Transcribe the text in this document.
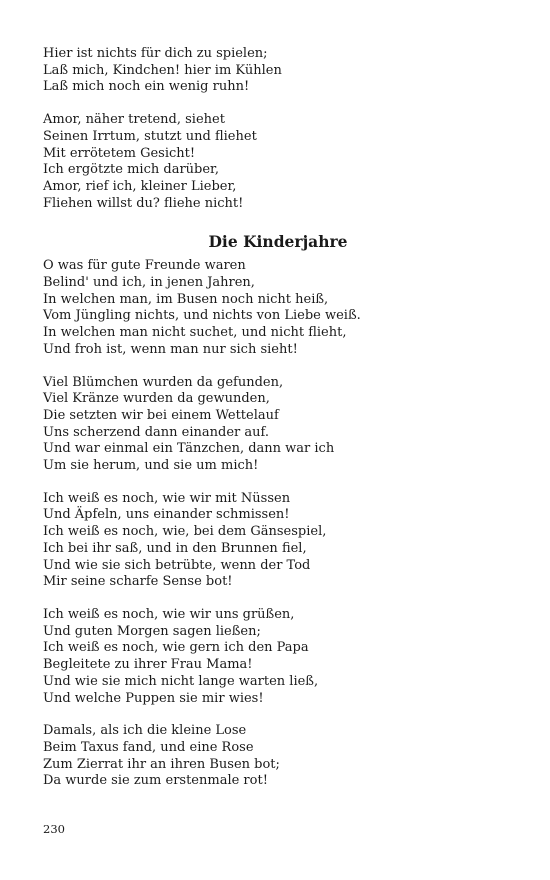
Hier ist nichts für dich zu spielen;
Laß mich, Kindchen! hier im Kühlen
Laß mich noch ein wenig ruhn!
Amor, näher tretend, siehet
Seinen Irrtum, stutzt und fliehet
Mit errötetem Gesicht!
Ich ergötzte mich darüber,
Amor, rief ich, kleiner Lieber,
Fliehen willst du? fliehe nicht!
Die Kinderjahre
O was für gute Freunde waren
Belind' und ich, in jenen Jahren,
In welchen man, im Busen noch nicht heiß,
Vom Jüngling nichts, und nichts von Liebe weiß.
In welchen man nicht suchet, und nicht flieht,
Und froh ist, wenn man nur sich sieht!
Viel Blümchen wurden da gefunden,
Viel Kränze wurden da gewunden,
Die setzten wir bei einem Wettelauf
Uns scherzend dann einander auf.
Und war einmal ein Tänzchen, dann war ich
Um sie herum, und sie um mich!
Ich weiß es noch, wie wir mit Nüssen
Und Äpfeln, uns einander schmissen!
Ich weiß es noch, wie, bei dem Gänsespiel,
Ich bei ihr saß, und in den Brunnen fiel,
Und wie sie sich betrübte, wenn der Tod
Mir seine scharfe Sense bot!
Ich weiß es noch, wie wir uns grüßen,
Und guten Morgen sagen ließen;
Ich weiß es noch, wie gern ich den Papa
Begleitete zu ihrer Frau Mama!
Und wie sie mich nicht lange warten ließ,
Und welche Puppen sie mir wies!
Damals, als ich die kleine Lose
Beim Taxus fand, und eine Rose
Zum Zierrat ihr an ihren Busen bot;
Da wurde sie zum erstenmale rot!
230
